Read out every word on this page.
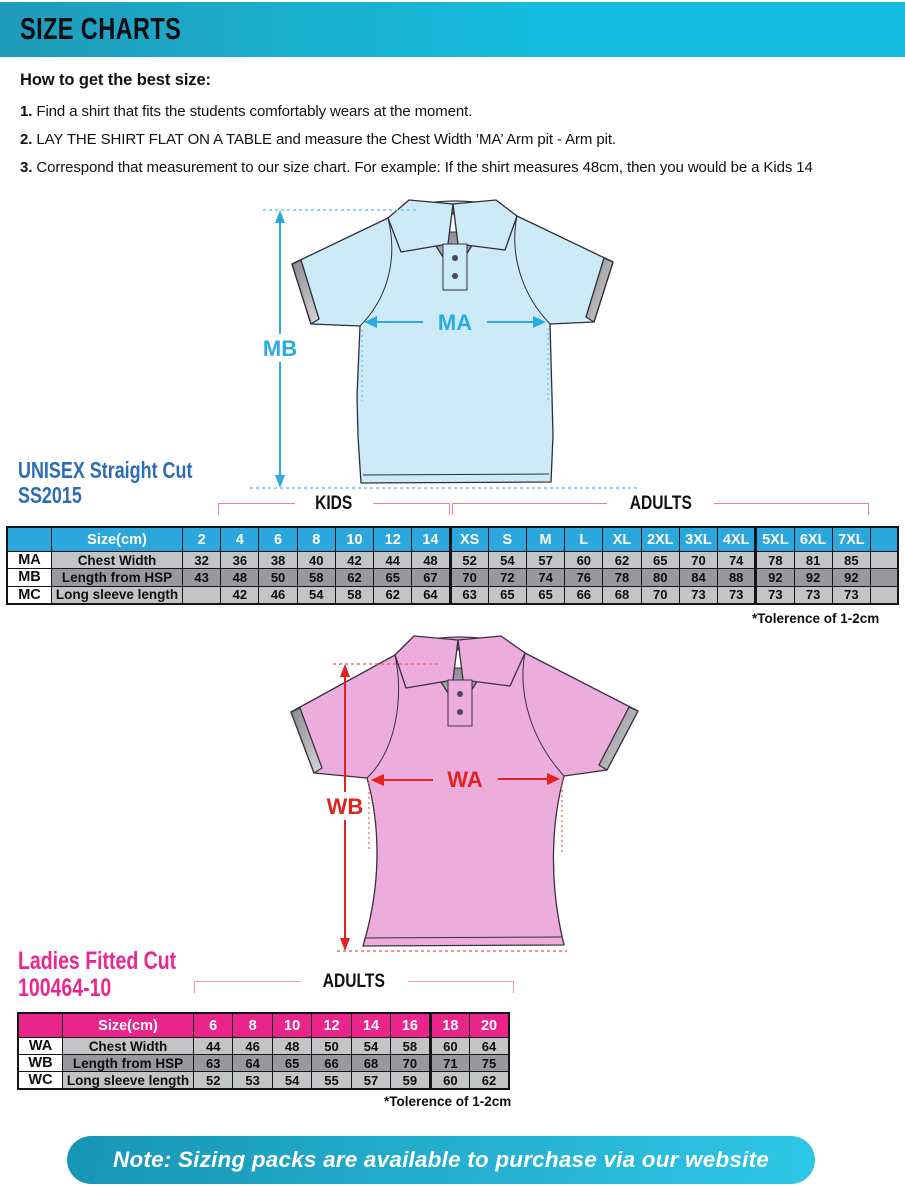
SIZE CHARTS

How to get the best size:

1. Find a shirt that fits the students comfortably wears at the moment.

2. LAY THE SHIRT FLAT ON A TABLE and measure the Chest Width ’MA’ Arm pit - Arm pit.

3. Correspond that measurement to our size chart. For example: If the shirt measures 48cm, then you would be a Kids 14

MA
MB
UNISEX Straight Cut
SS2015	KIDS	ADULTS
	Size(cm)	2	4	6	8	10	12	14	XS	S	M	L	XL	2XL	3XL	4XL	5XL	6XL	7XL	
MA	Chest Width	32	36	38	40	42	44	48	52	54	57	60	62	65	70	74	78	81	85	
MB	Length from HSP	43	48	50	58	62	65	67	70	72	74	76	78	80	84	88	92	92	92	
MC	Long sleeve length		42	46	54	58	62	64	63	65	65	66	68	70	73	73	73	73	73	
*Tolerence of 1-2cm
WA
WB
Ladies Fitted Cut
100464-10	ADULTS
	Size(cm)	6	8	10	12	14	16	18	20
WA	Chest Width	44	46	48	50	54	58	60	64
WB	Length from HSP	63	64	65	66	68	70	71	75
WC	Long sleeve length	52	53	54	55	57	59	60	62
*Tolerence of 1-2cm
Note: Sizing packs are available to purchase via our website
